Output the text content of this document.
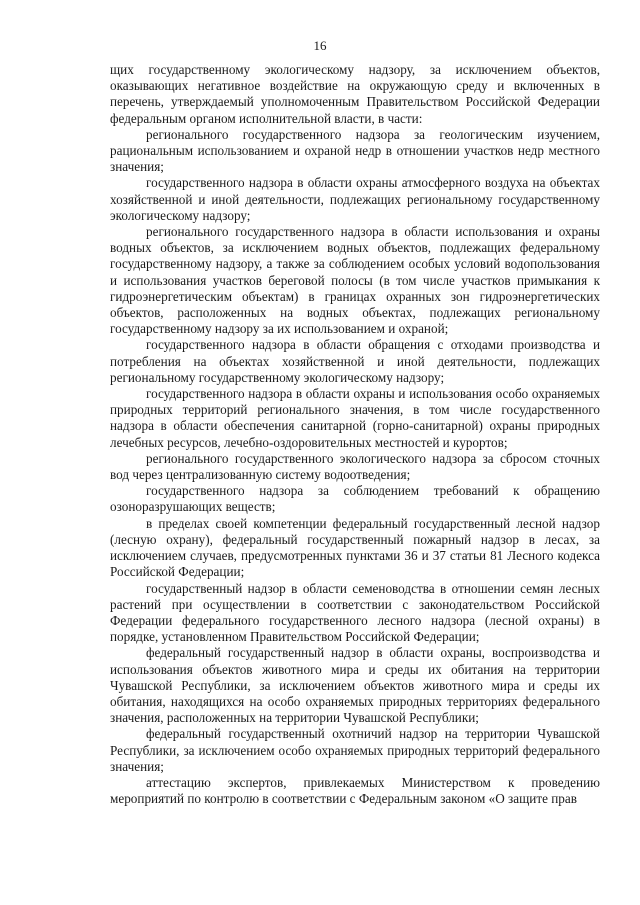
16

щих государственному экологическому надзору, за исключением объектов, оказывающих негативное воздействие на окружающую среду и включенных в перечень, утверждаемый уполномоченным Правительством Российской Федерации федеральным органом исполнительной власти, в части:

регионального государственного надзора за геологическим изучением, рациональным использованием и охраной недр в отношении участков недр местного значения;

государственного надзора в области охраны атмосферного воздуха на объектах хозяйственной и иной деятельности, подлежащих региональному государственному экологическому надзору;

регионального государственного надзора в области использования и охраны водных объектов, за исключением водных объектов, подлежащих федеральному государственному надзору, а также за соблюдением особых условий водопользования и использования участков береговой полосы (в том числе участков примыкания к гидроэнергетическим объектам) в границах охранных зон гидроэнергетических объектов, расположенных на водных объектах, подлежащих региональному государственному надзору за их использованием и охраной;

государственного надзора в области обращения с отходами производства и потребления на объектах хозяйственной и иной деятельности, подлежащих региональному государственному экологическому надзору;

государственного надзора в области охраны и использования особо охраняемых природных территорий регионального значения, в том числе государственного надзора в области обеспечения санитарной (горно-санитарной) охраны природных лечебных ресурсов, лечебно-оздоровительных местностей и курортов;

регионального государственного экологического надзора за сбросом сточных вод через централизованную систему водоотведения;

государственного надзора за соблюдением требований к обращению озоноразрушающих веществ;

в пределах своей компетенции федеральный государственный лесной надзор (лесную охрану), федеральный государственный пожарный надзор в лесах, за исключением случаев, предусмотренных пунктами 36 и 37 статьи 81 Лесного кодекса Российской Федерации;

государственный надзор в области семеноводства в отношении семян лесных растений при осуществлении в соответствии с законодательством Российской Федерации федерального государственного лесного надзора (лесной охраны) в порядке, установленном Правительством Российской Федерации;

федеральный государственный надзор в области охраны, воспроизводства и использования объектов животного мира и среды их обитания на территории Чувашской Республики, за исключением объектов животного мира и среды их обитания, находящихся на особо охраняемых природных территориях федерального значения, расположенных на территории Чувашской Республики;

федеральный государственный охотничий надзор на территории Чувашской Республики, за исключением особо охраняемых природных территорий федерального значения;

аттестацию экспертов, привлекаемых Министерством к проведению мероприятий по контролю в соответствии с Федеральным законом «О защите прав
